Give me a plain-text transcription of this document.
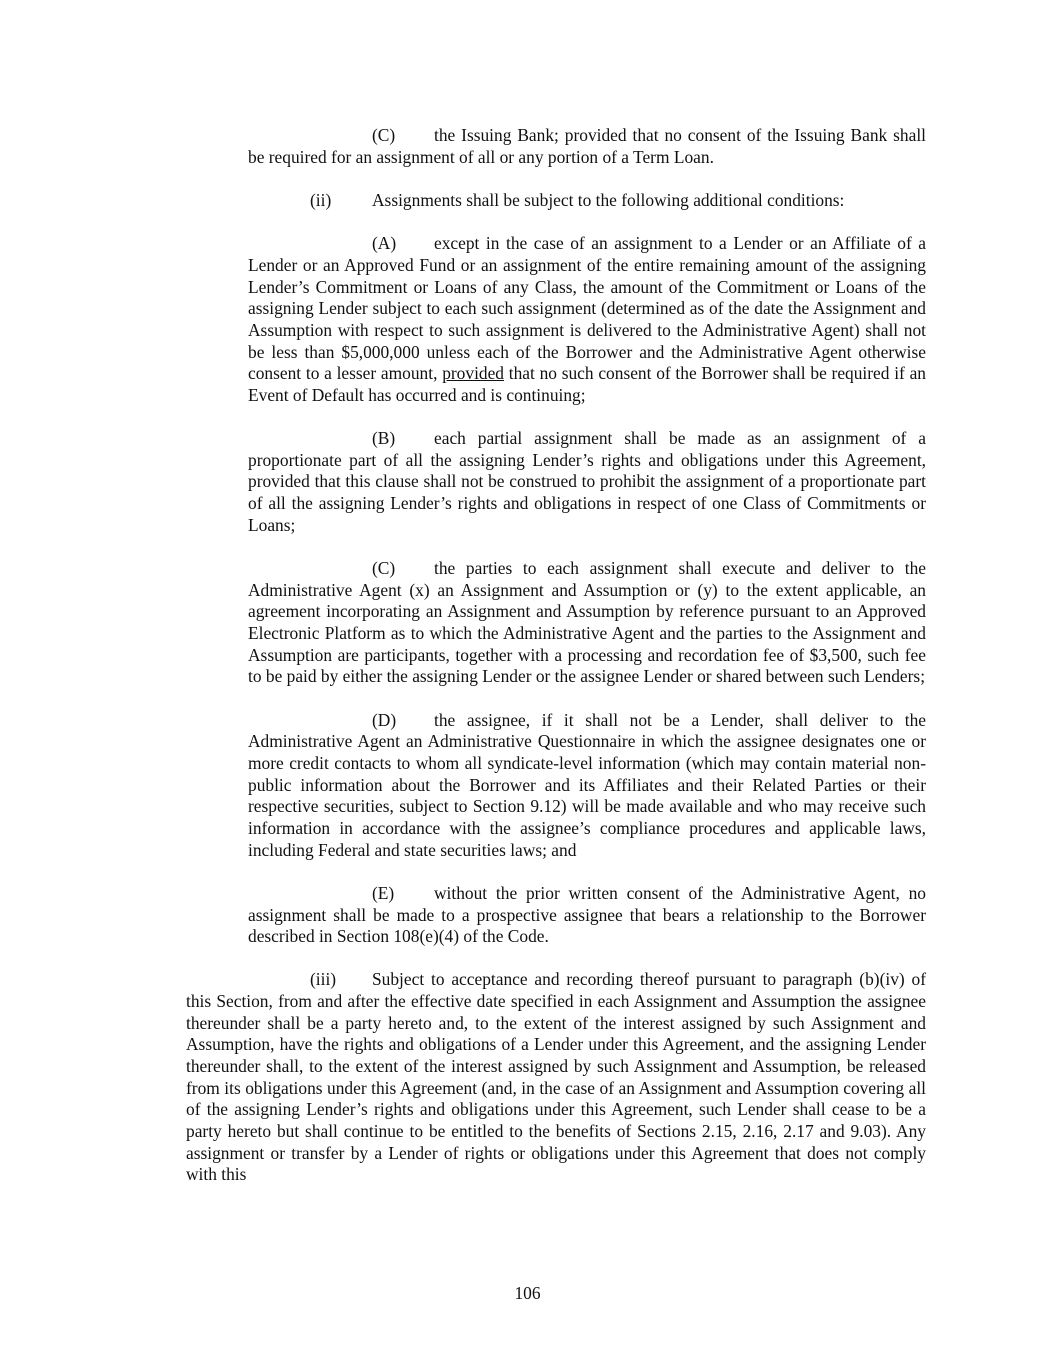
(C) the Issuing Bank; provided that no consent of the Issuing Bank shall be required for an assignment of all or any portion of a Term Loan.

(ii) Assignments shall be subject to the following additional conditions:

(A) except in the case of an assignment to a Lender or an Affiliate of a Lender or an Approved Fund or an assignment of the entire remaining amount of the assigning Lender’s Commitment or Loans of any Class, the amount of the Commitment or Loans of the assigning Lender subject to each such assignment (determined as of the date the Assignment and Assumption with respect to such assignment is delivered to the Administrative Agent) shall not be less than $5,000,000 unless each of the Borrower and the Administrative Agent otherwise consent to a lesser amount, provided that no such consent of the Borrower shall be required if an Event of Default has occurred and is continuing;

(B) each partial assignment shall be made as an assignment of a proportionate part of all the assigning Lender’s rights and obligations under this Agreement, provided that this clause shall not be construed to prohibit the assignment of a proportionate part of all the assigning Lender’s rights and obligations in respect of one Class of Commitments or Loans;

(C) the parties to each assignment shall execute and deliver to the Administrative Agent (x) an Assignment and Assumption or (y) to the extent applicable, an agreement incorporating an Assignment and Assumption by reference pursuant to an Approved Electronic Platform as to which the Administrative Agent and the parties to the Assignment and Assumption are participants, together with a processing and recordation fee of $3,500, such fee to be paid by either the assigning Lender or the assignee Lender or shared between such Lenders;

(D) the assignee, if it shall not be a Lender, shall deliver to the Administrative Agent an Administrative Questionnaire in which the assignee designates one or more credit contacts to whom all syndicate-level information (which may contain material non-public information about the Borrower and its Affiliates and their Related Parties or their respective securities, subject to Section 9.12) will be made available and who may receive such information in accordance with the assignee’s compliance procedures and applicable laws, including Federal and state securities laws; and

(E) without the prior written consent of the Administrative Agent, no assignment shall be made to a prospective assignee that bears a relationship to the Borrower described in Section 108(e)(4) of the Code.

(iii) Subject to acceptance and recording thereof pursuant to paragraph (b)(iv) of this Section, from and after the effective date specified in each Assignment and Assumption the assignee thereunder shall be a party hereto and, to the extent of the interest assigned by such Assignment and Assumption, have the rights and obligations of a Lender under this Agreement, and the assigning Lender thereunder shall, to the extent of the interest assigned by such Assignment and Assumption, be released from its obligations under this Agreement (and, in the case of an Assignment and Assumption covering all of the assigning Lender’s rights and obligations under this Agreement, such Lender shall cease to be a party hereto but shall continue to be entitled to the benefits of Sections 2.15, 2.16, 2.17 and 9.03). Any assignment or transfer by a Lender of rights or obligations under this Agreement that does not comply with this

106
